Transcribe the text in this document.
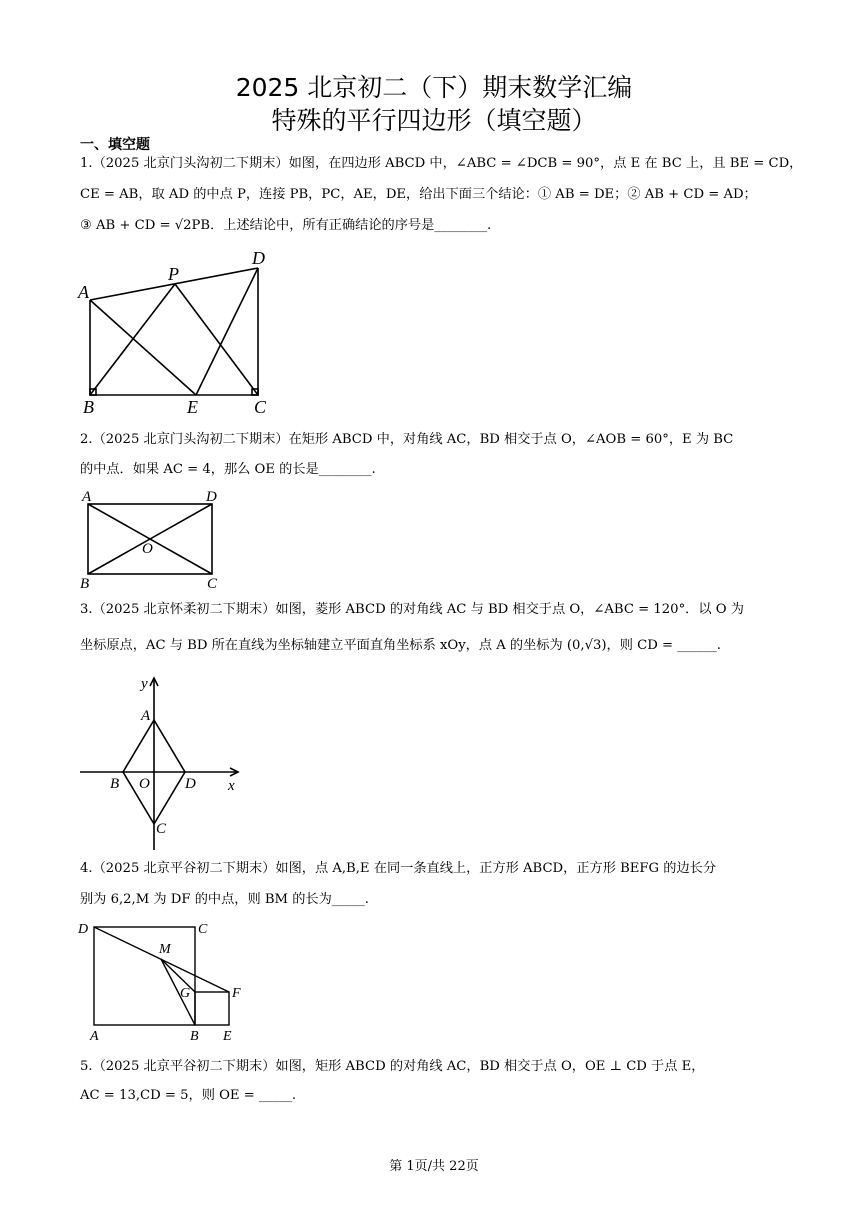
2025 北京初二（下）期末数学汇编
特殊的平行四边形（填空题）
一、填空题
1.（2025 北京门头沟初二下期末）如图，在四边形 ABCD 中，∠ABC = ∠DCB = 90°，点 E 在 BC 上，且 BE = CD，
CE = AB，取 AD 的中点 P，连接 PB，PC，AE，DE，给出下面三个结论：① AB = DE；② AB + CD = AD；
③ AB + CD = √2PB．上述结论中，所有正确结论的序号是________.
A
P
D
B	E	C
2.（2025 北京门头沟初二下期末）在矩形 ABCD 中，对角线 AC，BD 相交于点 O，∠AOB = 60°，E 为 BC
的中点．如果 AC = 4，那么 OE 的长是________.
A	D
O
B	C
3.（2025 北京怀柔初二下期末）如图，菱形 ABCD 的对角线 AC 与 BD 相交于点 O，∠ABC = 120°．以 O 为
坐标原点，AC 与 BD 所在直线为坐标轴建立平面直角坐标系 xOy，点 A 的坐标为 (0,√3)，则 CD = ______.
y
A
B O D x
C
4.（2025 北京平谷初二下期末）如图，点 A,B,E 在同一条直线上，正方形 ABCD，正方形 BEFG 的边长分
别为 6,2,M 为 DF 的中点，则 BM 的长为_____.
D	C
M
G	F
A	B E
5.（2025 北京平谷初二下期末）如图，矩形 ABCD 的对角线 AC，BD 相交于点 O，OE ⊥ CD 于点 E，
AC = 13,CD = 5，则 OE = _____.
第 1页/共 22页
